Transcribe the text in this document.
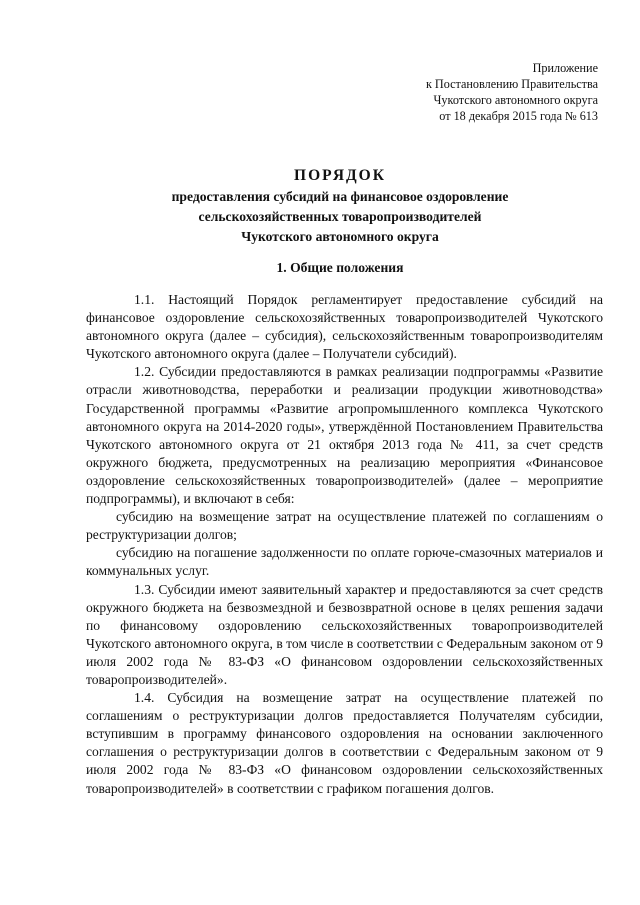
Приложение
к Постановлению Правительства
Чукотского автономного округа
от 18 декабря 2015 года № 613
ПОРЯДОК
предоставления субсидий на финансовое оздоровление
сельскохозяйственных товаропроизводителей
Чукотского автономного округа
1. Общие положения

1.1. Настоящий Порядок регламентирует предоставление субсидий на финансовое оздоровление сельскохозяйственных товаропроизводителей Чукотского автономного округа (далее – субсидия), сельскохозяйственным товаропроизводителям Чукотского автономного округа (далее – Получатели субсидий).

1.2. Субсидии предоставляются в рамках реализации подпрограммы «Развитие отрасли животноводства, переработки и реализации продукции животноводства» Государственной программы «Развитие агропромышленного комплекса Чукотского автономного округа на 2014-2020 годы», утверждённой Постановлением Правительства Чукотского автономного округа от 21 октября 2013 года № 411, за счет средств окружного бюджета, предусмотренных на реализацию мероприятия «Финансовое оздоровление сельскохозяйственных товаропроизводителей» (далее – мероприятие подпрограммы), и включают в себя:

субсидию на возмещение затрат на осуществление платежей по соглашениям о реструктуризации долгов;

субсидию на погашение задолженности по оплате горюче-смазочных материалов и коммунальных услуг.

1.3. Субсидии имеют заявительный характер и предоставляются за счет средств окружного бюджета на безвозмездной и безвозвратной основе в целях решения задачи по финансовому оздоровлению сельскохозяйственных товаропроизводителей Чукотского автономного округа, в том числе в соответствии с Федеральным законом от 9 июля 2002 года № 83-ФЗ «О финансовом оздоровлении сельскохозяйственных товаропроизводителей».

1.4. Субсидия на возмещение затрат на осуществление платежей по соглашениям о реструктуризации долгов предоставляется Получателям субсидии, вступившим в программу финансового оздоровления на основании заключенного соглашения о реструктуризации долгов в соответствии с Федеральным законом от 9 июля 2002 года № 83-ФЗ «О финансовом оздоровлении сельскохозяйственных товаропроизводителей» в соответствии с графиком погашения долгов.
